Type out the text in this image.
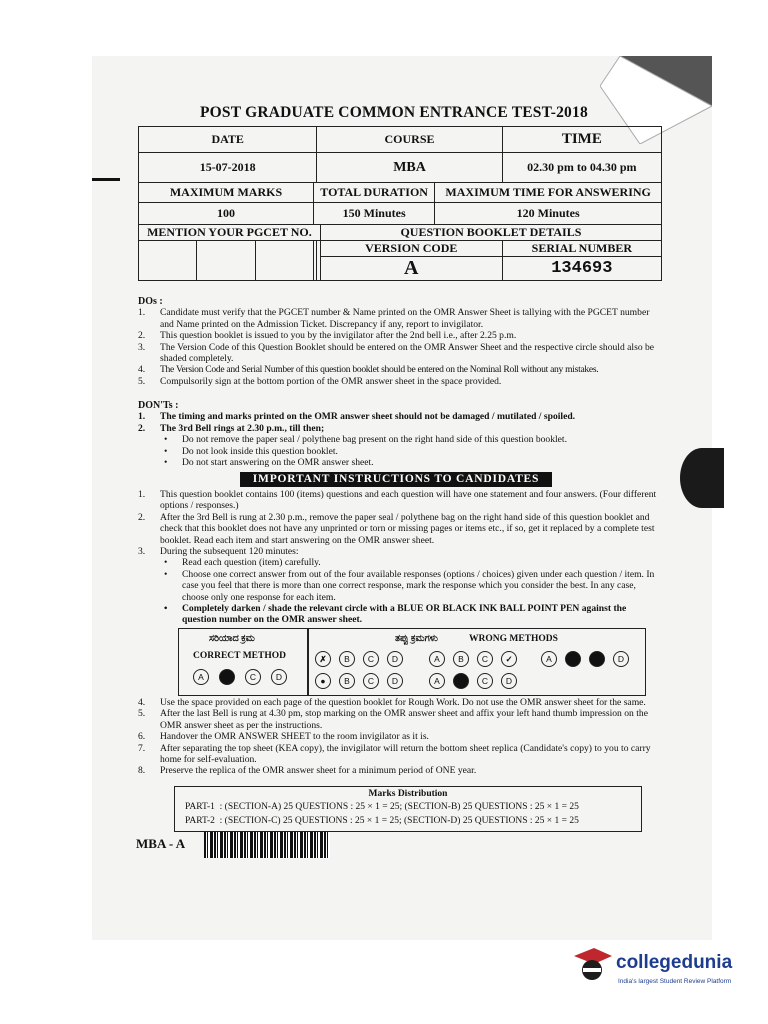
POST GRADUATE COMMON ENTRANCE TEST-2018
DATE				COURSE			TIME
15-07-2018				MBA			02.30 pm to 04.30 pm
MAXIMUM MARKS			TOTAL DURATION			MAXIMUM TIME FOR ANSWERING	
100			150 Minutes			120 Minutes	
MENTION YOUR PGCET NO.					QUESTION BOOKLET DETAILS		
					VERSION CODE		SERIAL NUMBER
					A		134693
DOs :
1. Candidate must verify that the PGCET number & Name printed on the OMR Answer Sheet is tallying with the PGCET number and Name printed on the Admission Ticket. Discrepancy if any, report to invigilator.
2. This question booklet is issued to you by the invigilator after the 2nd bell i.e., after 2.25 p.m.
3. The Version Code of this Question Booklet should be entered on the OMR Answer Sheet and the respective circle should also be shaded completely.
4. The Version Code and Serial Number of this question booklet should be entered on the Nominal Roll without any mistakes.
5. Compulsorily sign at the bottom portion of the OMR answer sheet in the space provided.
DON'Ts :
1. The timing and marks printed on the OMR answer sheet should not be damaged / mutilated / spoiled.
2. The 3rd Bell rings at 2.30 p.m., till then;
• Do not remove the paper seal / polythene bag present on the right hand side of this question booklet.
• Do not look inside this question booklet.
• Do not start answering on the OMR answer sheet.
IMPORTANT INSTRUCTIONS TO CANDIDATES
1. This question booklet contains 100 (items) questions and each question will have one statement and four answers. (Four different options / responses.)
2. After the 3rd Bell is rung at 2.30 p.m., remove the paper seal / polythene bag on the right hand side of this question booklet and check that this booklet does not have any unprinted or torn or missing pages or items etc., if so, get it replaced by a complete test booklet. Read each item and start answering on the OMR answer sheet.
3. During the subsequent 120 minutes:
• Read each question (item) carefully.
• Choose one correct answer from out of the four available responses (options / choices) given under each question / item. In case you feel that there is more than one correct response, mark the response which you consider the best. In any case, choose only one response for each item.
• Completely darken / shade the relevant circle with a BLUE OR BLACK INK BALL POINT PEN against the question number on the OMR answer sheet.
ಸರಿಯಾದ ಕ್ರಮ
CORRECT METHOD
ತಪ್ಪು ಕ್ರಮಗಳು	WRONG METHODS
A	C	D
✗	B	C	D	A	B	C	✓	A	D
●	B	C	D	A	C	D
4. Use the space provided on each page of the question booklet for Rough Work. Do not use the OMR answer sheet for the same.
5. After the last Bell is rung at 4.30 pm, stop marking on the OMR answer sheet and affix your left hand thumb impression on the OMR answer sheet as per the instructions.
6. Handover the OMR ANSWER SHEET to the room invigilator as it is.
7. After separating the top sheet (KEA copy), the invigilator will return the bottom sheet replica (Candidate's copy) to you to carry home for self-evaluation.
8. Preserve the replica of the OMR answer sheet for a minimum period of ONE year.
Marks Distribution
PART-1 : (SECTION-A) 25 QUESTIONS : 25 × 1 = 25; (SECTION-B) 25 QUESTIONS : 25 × 1 = 25
PART-2 : (SECTION-C) 25 QUESTIONS : 25 × 1 = 25; (SECTION-D) 25 QUESTIONS : 25 × 1 = 25
MBA - A
collegedunia
India's largest Student Review Platform
